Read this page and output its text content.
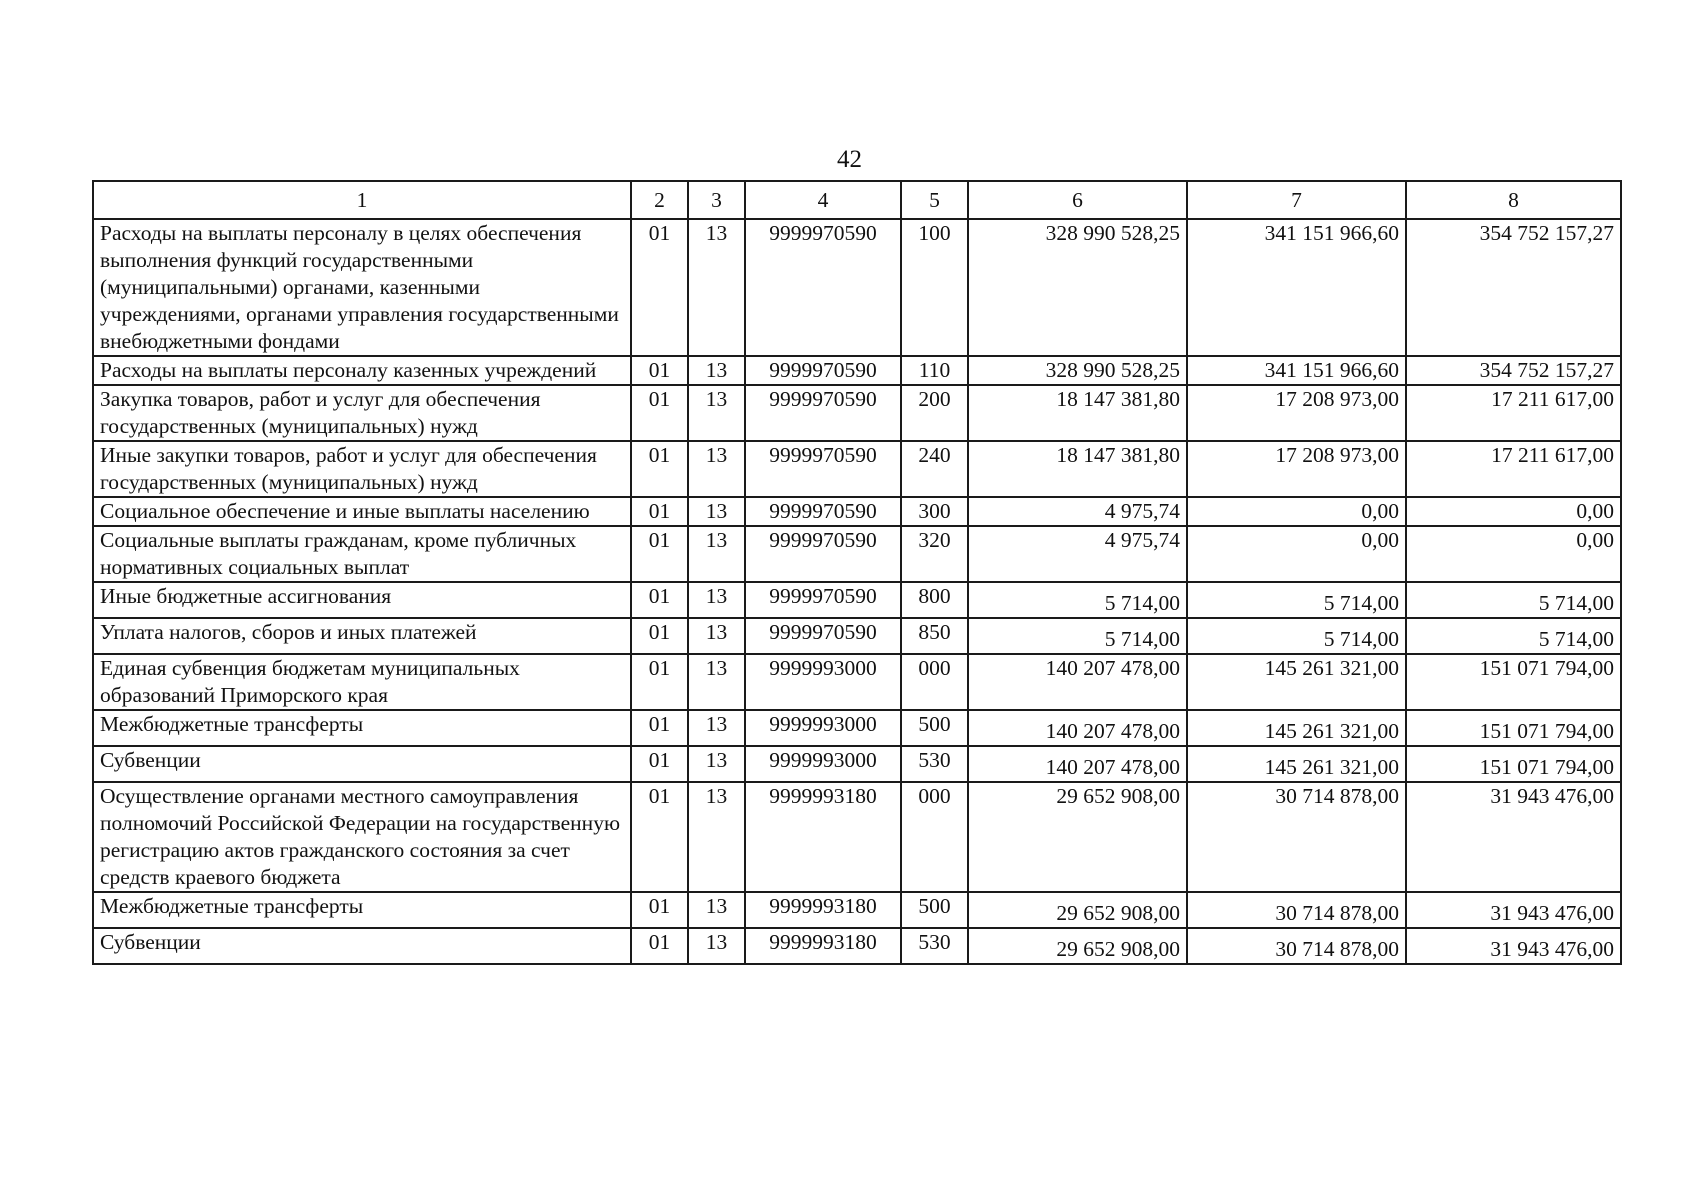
42
1	2	3	4	5	6	7	8
Расходы на выплаты персоналу в целях обеспечения выполнения функций государственными (муниципальными) органами, казенными учреждениями, органами управления государственными внебюджетными фондами	01	13	9999970590	100	328 990 528,25	341 151 966,60	354 752 157,27
Расходы на выплаты персоналу казенных учреждений	01	13	9999970590	110	328 990 528,25	341 151 966,60	354 752 157,27
Закупка товаров, работ и услуг для обеспечения государственных (муниципальных) нужд	01	13	9999970590	200	18 147 381,80	17 208 973,00	17 211 617,00
Иные закупки товаров, работ и услуг для обеспечения государственных (муниципальных) нужд	01	13	9999970590	240	18 147 381,80	17 208 973,00	17 211 617,00
Социальное обеспечение и иные выплаты населению	01	13	9999970590	300	4 975,74	0,00	0,00
Социальные выплаты гражданам, кроме публичных нормативных социальных выплат	01	13	9999970590	320	4 975,74	0,00	0,00
Иные бюджетные ассигнования	01	13	9999970590	800	5 714,00	5 714,00	5 714,00
Уплата налогов, сборов и иных платежей	01	13	9999970590	850	5 714,00	5 714,00	5 714,00
Единая субвенция бюджетам муниципальных образований Приморского края	01	13	9999993000	000	140 207 478,00	145 261 321,00	151 071 794,00
Межбюджетные трансферты	01	13	9999993000	500	140 207 478,00	145 261 321,00	151 071 794,00
Субвенции	01	13	9999993000	530	140 207 478,00	145 261 321,00	151 071 794,00
Осуществление органами местного самоуправления полномочий Российской Федерации на государственную регистрацию актов гражданского состояния за счет средств краевого бюджета	01	13	9999993180	000	29 652 908,00	30 714 878,00	31 943 476,00
Межбюджетные трансферты	01	13	9999993180	500	29 652 908,00	30 714 878,00	31 943 476,00
Субвенции	01	13	9999993180	530	29 652 908,00	30 714 878,00	31 943 476,00
